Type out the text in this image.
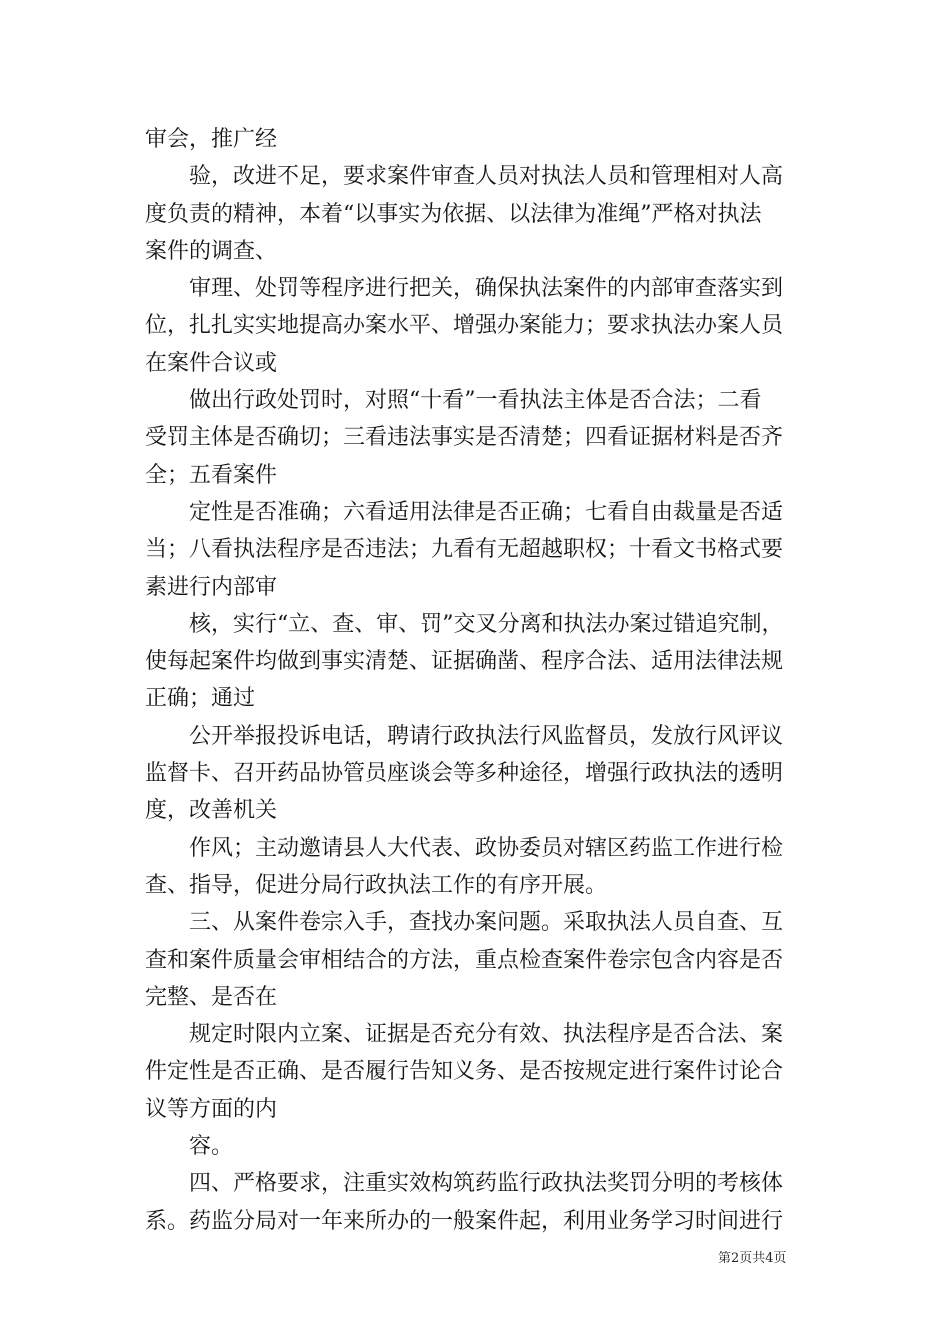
审会，推广经

验，改进不足，要求案件审查人员对执法人员和管理相对人高
度负责的精神，本着“以事实为依据、以法律为准绳”严格对执法
案件的调查、

审理、处罚等程序进行把关，确保执法案件的内部审查落实到
位，扎扎实实地提高办案水平、增强办案能力；要求执法办案人员
在案件合议或

做出行政处罚时，对照“十看”一看执法主体是否合法；二看
受罚主体是否确切；三看违法事实是否清楚；四看证据材料是否齐
全；五看案件

定性是否准确；六看适用法律是否正确；七看自由裁量是否适
当；八看执法程序是否违法；九看有无超越职权；十看文书格式要
素进行内部审

核，实行“立、查、审、罚”交叉分离和执法办案过错追究制，
使每起案件均做到事实清楚、证据确凿、程序合法、适用法律法规
正确；通过

公开举报投诉电话，聘请行政执法行风监督员，发放行风评议
监督卡、召开药品协管员座谈会等多种途径，增强行政执法的透明
度，改善机关

作风；主动邀请县人大代表、政协委员对辖区药监工作进行检
查、指导，促进分局行政执法工作的有序开展。

三、从案件卷宗入手，查找办案问题。采取执法人员自查、互
查和案件质量会审相结合的方法，重点检查案件卷宗包含内容是否
完整、是否在

规定时限内立案、证据是否充分有效、执法程序是否合法、案
件定性是否正确、是否履行告知义务、是否按规定进行案件讨论合
议等方面的内

容。

四、严格要求，注重实效构筑药监行政执法奖罚分明的考核体
系。药监分局对一年来所办的一般案件起，利用业务学习时间进行

第2页共4页
